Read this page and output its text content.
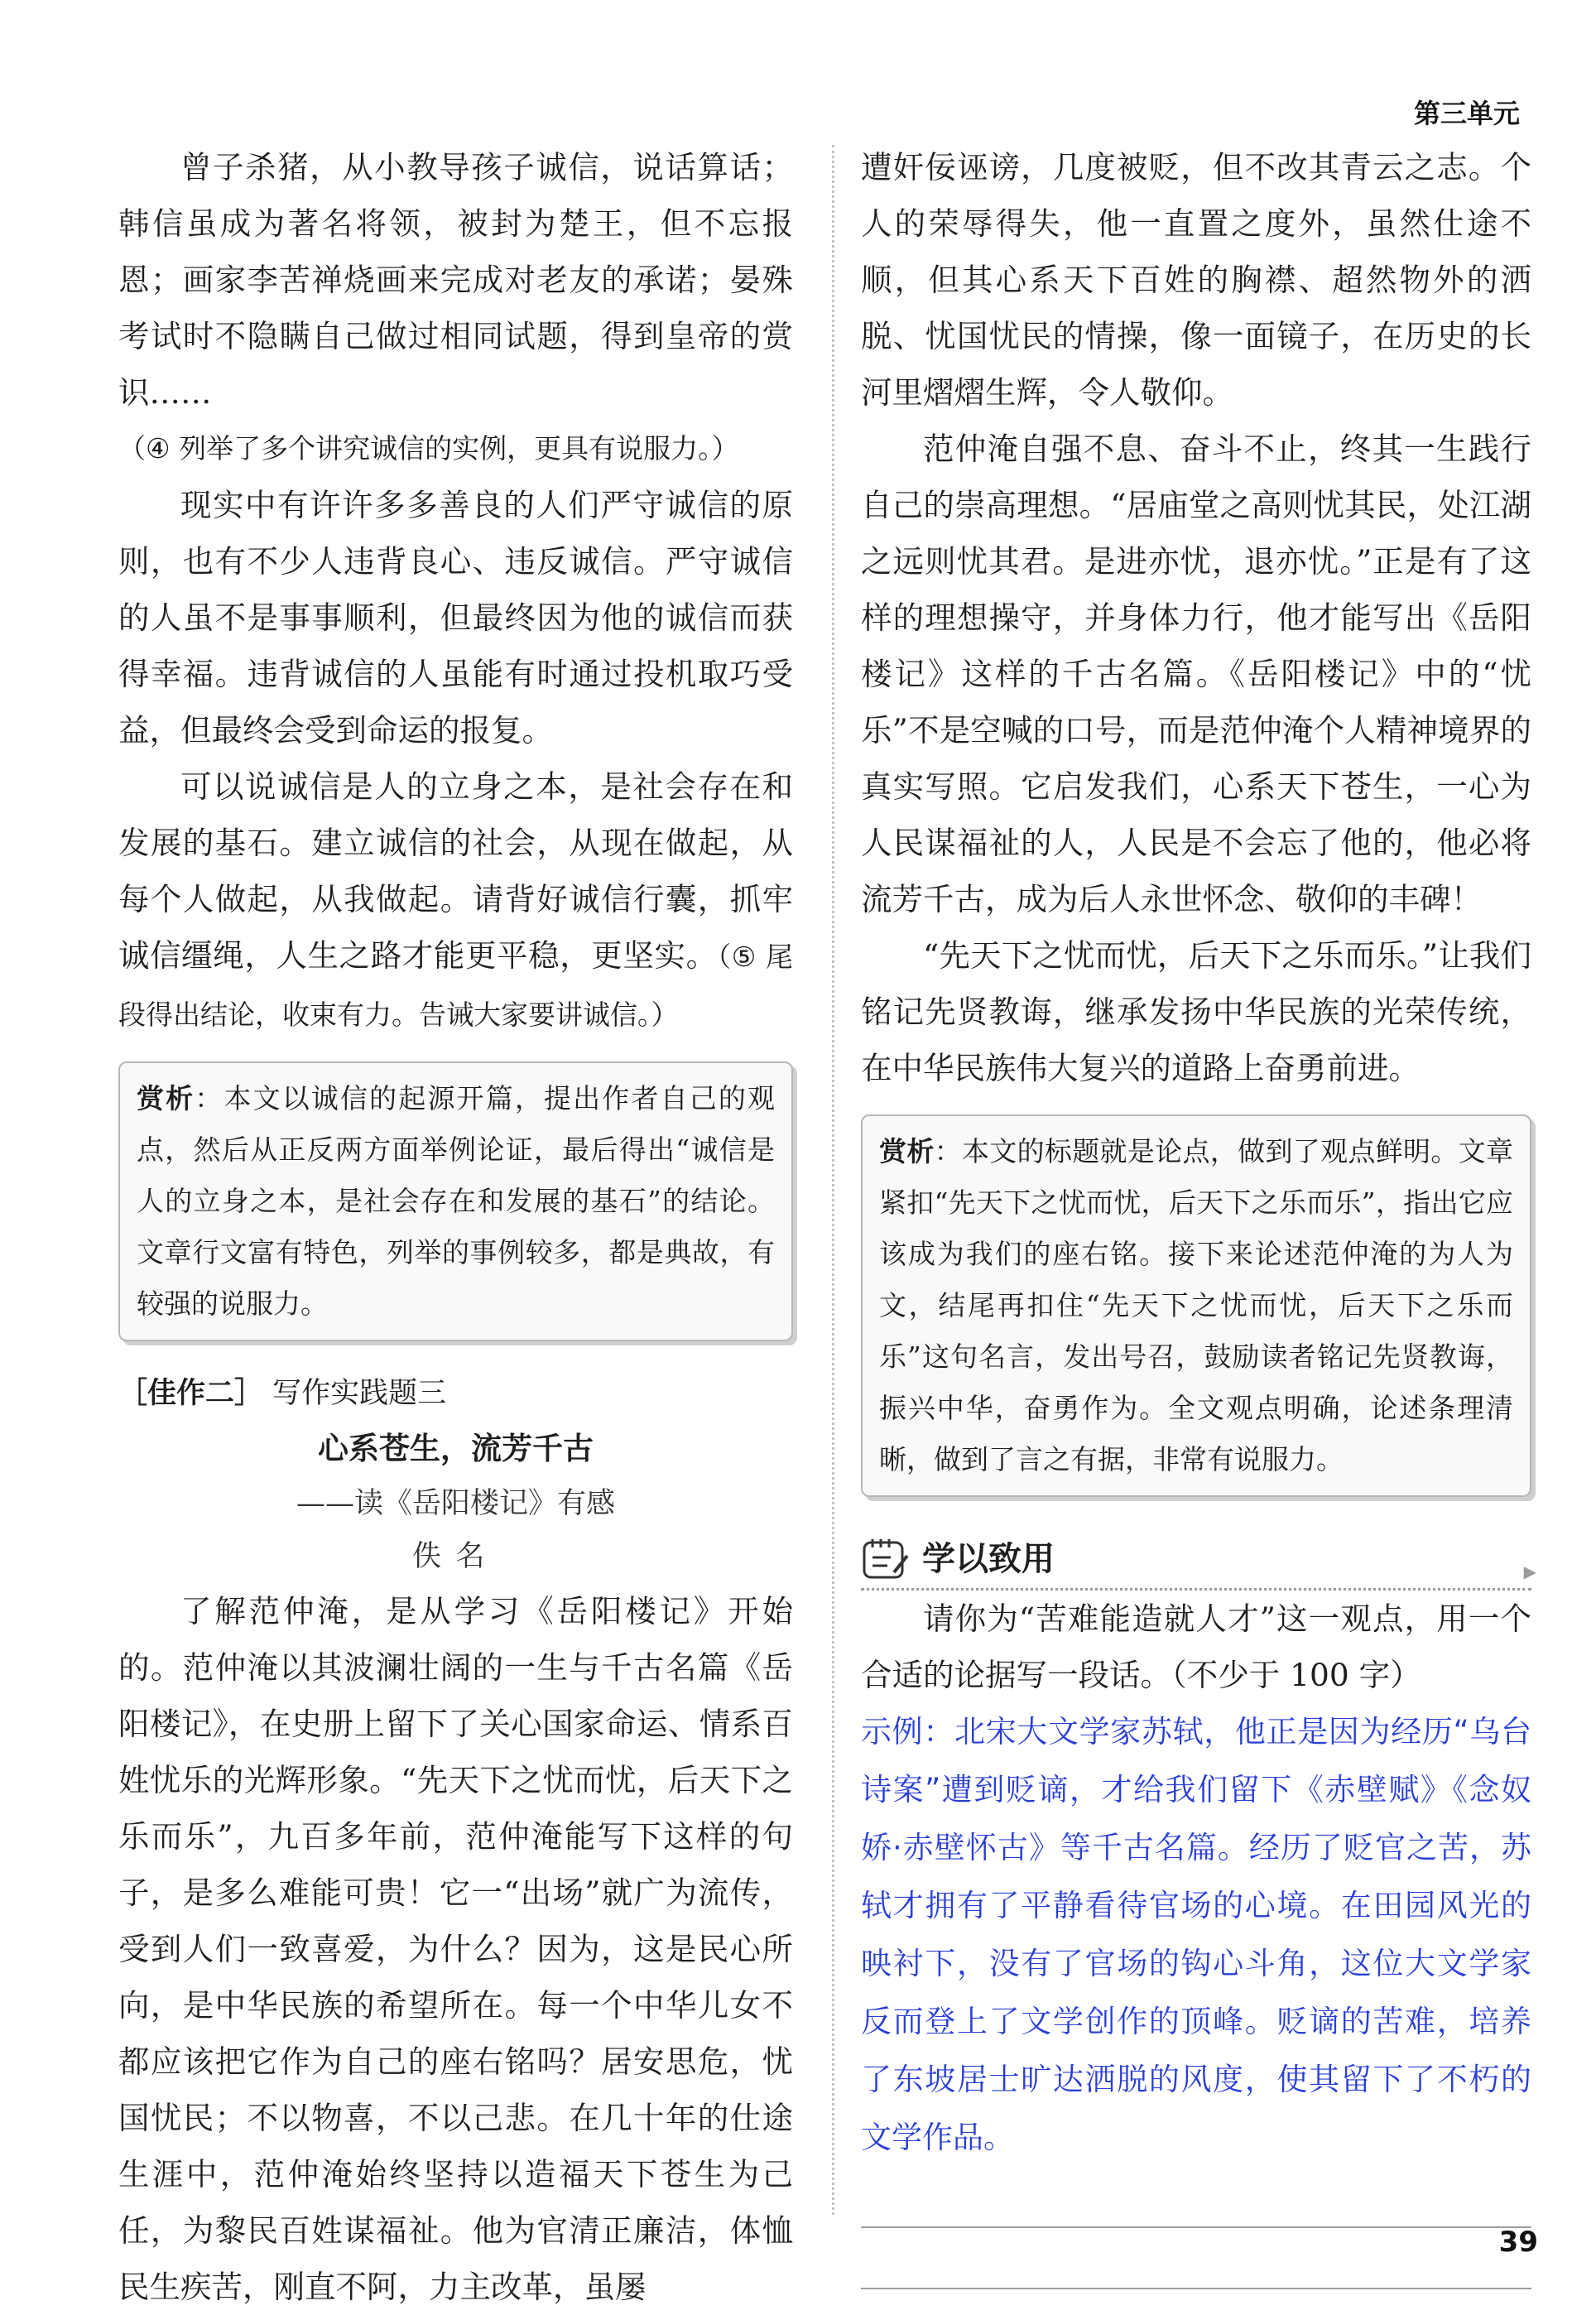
第三单元

曾子杀猪，从小教导孩子诚信，说话算话；韩信虽成为著名将领，被封为楚王，但不忘报恩；画家李苦禅烧画来完成对老友的承诺；晏殊考试时不隐瞒自己做过相同试题，得到皇帝的赏识……

（④ 列举了多个讲究诚信的实例，更具有说服力。）

现实中有许许多多善良的人们严守诚信的原则，也有不少人违背良心、违反诚信。严守诚信的人虽不是事事顺利，但最终因为他的诚信而获得幸福。违背诚信的人虽能有时通过投机取巧受益，但最终会受到命运的报复。

可以说诚信是人的立身之本，是社会存在和发展的基石。建立诚信的社会，从现在做起，从每个人做起，从我做起。请背好诚信行囊，抓牢诚信缰绳，人生之路才能更平稳，更坚实。（⑤ 尾段得出结论，收束有力。告诫大家要讲诚信。）

赏析：本文以诚信的起源开篇，提出作者自己的观点，然后从正反两方面举例论证，最后得出“诚信是人的立身之本，是社会存在和发展的基石”的结论。文章行文富有特色，列举的事例较多，都是典故，有较强的说服力。

［佳作二］ 写作实践题三

心系苍生，流芳千古

——读《岳阳楼记》有感

佚名

了解范仲淹，是从学习《岳阳楼记》开始的。范仲淹以其波澜壮阔的一生与千古名篇《岳阳楼记》，在史册上留下了关心国家命运、情系百姓忧乐的光辉形象。“先天下之忧而忧，后天下之乐而乐”，九百多年前，范仲淹能写下这样的句子，是多么难能可贵！它一“出场”就广为流传，受到人们一致喜爱，为什么？因为，这是民心所向，是中华民族的希望所在。每一个中华儿女不都应该把它作为自己的座右铭吗？居安思危，忧国忧民；不以物喜，不以己悲。在几十年的仕途生涯中，范仲淹始终坚持以造福天下苍生为己任，为黎民百姓谋福祉。他为官清正廉洁，体恤民生疾苦，刚直不阿，力主改革，虽屡

遭奸佞诬谤，几度被贬，但不改其青云之志。个人的荣辱得失，他一直置之度外，虽然仕途不顺，但其心系天下百姓的胸襟、超然物外的洒脱、忧国忧民的情操，像一面镜子，在历史的长河里熠熠生辉，令人敬仰。

范仲淹自强不息、奋斗不止，终其一生践行自己的崇高理想。“居庙堂之高则忧其民，处江湖之远则忧其君。是进亦忧，退亦忧。”正是有了这样的理想操守，并身体力行，他才能写出《岳阳楼记》这样的千古名篇。《岳阳楼记》中的“忧乐”不是空喊的口号，而是范仲淹个人精神境界的真实写照。它启发我们，心系天下苍生，一心为人民谋福祉的人，人民是不会忘了他的，他必将流芳千古，成为后人永世怀念、敬仰的丰碑！

“先天下之忧而忧，后天下之乐而乐。”让我们铭记先贤教诲，继承发扬中华民族的光荣传统，在中华民族伟大复兴的道路上奋勇前进。

赏析：本文的标题就是论点，做到了观点鲜明。文章紧扣“先天下之忧而忧，后天下之乐而乐”，指出它应该成为我们的座右铭。接下来论述范仲淹的为人为文，结尾再扣住“先天下之忧而忧，后天下之乐而乐”这句名言，发出号召，鼓励读者铭记先贤教诲，振兴中华，奋勇作为。全文观点明确，论述条理清晰，做到了言之有据，非常有说服力。
学以致用	▶

请你为“苦难能造就人才”这一观点，用一个合适的论据写一段话。（不少于 100 字）

示例：北宋大文学家苏轼，他正是因为经历“乌台诗案”遭到贬谪，才给我们留下《赤壁赋》《念奴娇·赤壁怀古》等千古名篇。经历了贬官之苦，苏轼才拥有了平静看待官场的心境。在田园风光的映衬下，没有了官场的钩心斗角，这位大文学家反而登上了文学创作的顶峰。贬谪的苦难，培养了东坡居士旷达洒脱的风度，使其留下了不朽的文学作品。

39
